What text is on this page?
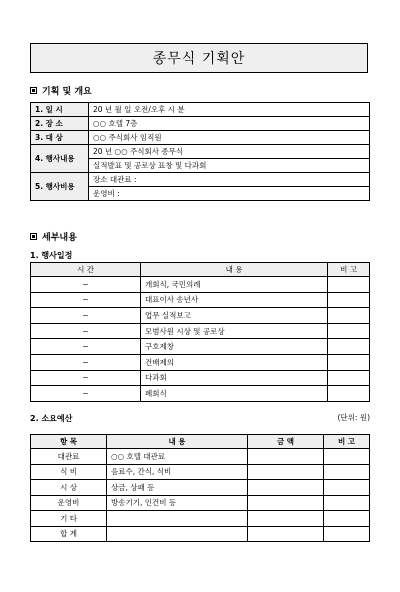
종무식 기획안
기획 및 개요
1. 일 시	20 년 월 일 오전/오후 시 분
2. 장 소	○○ 호텔 7층
3. 대 상	○○ 주식회사 임직원
4. 행사내용	20 년 ○○ 주식회사 종무식
	실적발표 및 공로상 표창 및 다과회
5. 행사비용	장소 대관료 :
	운영비 :
세부내용
1. 행사일정
시 간	내 용	비 고
~	개회식, 국민의례	
~	대표이사 송년사	
~	업무 실적보고	
~	모범사원 시상 및 공로상	
~	구호제창	
~	건배제의	
~	다과회	
~	폐회식	
2. 소요예산	(단위: 원)
항 목	내 용	금 액	비 고
대관료	○○ 호텔 대관료		
식 비	음료수, 간식, 식비		
시 상	상금, 상패 등		
운영비	방송기기, 인건비 등		
기 타			
합 계			
